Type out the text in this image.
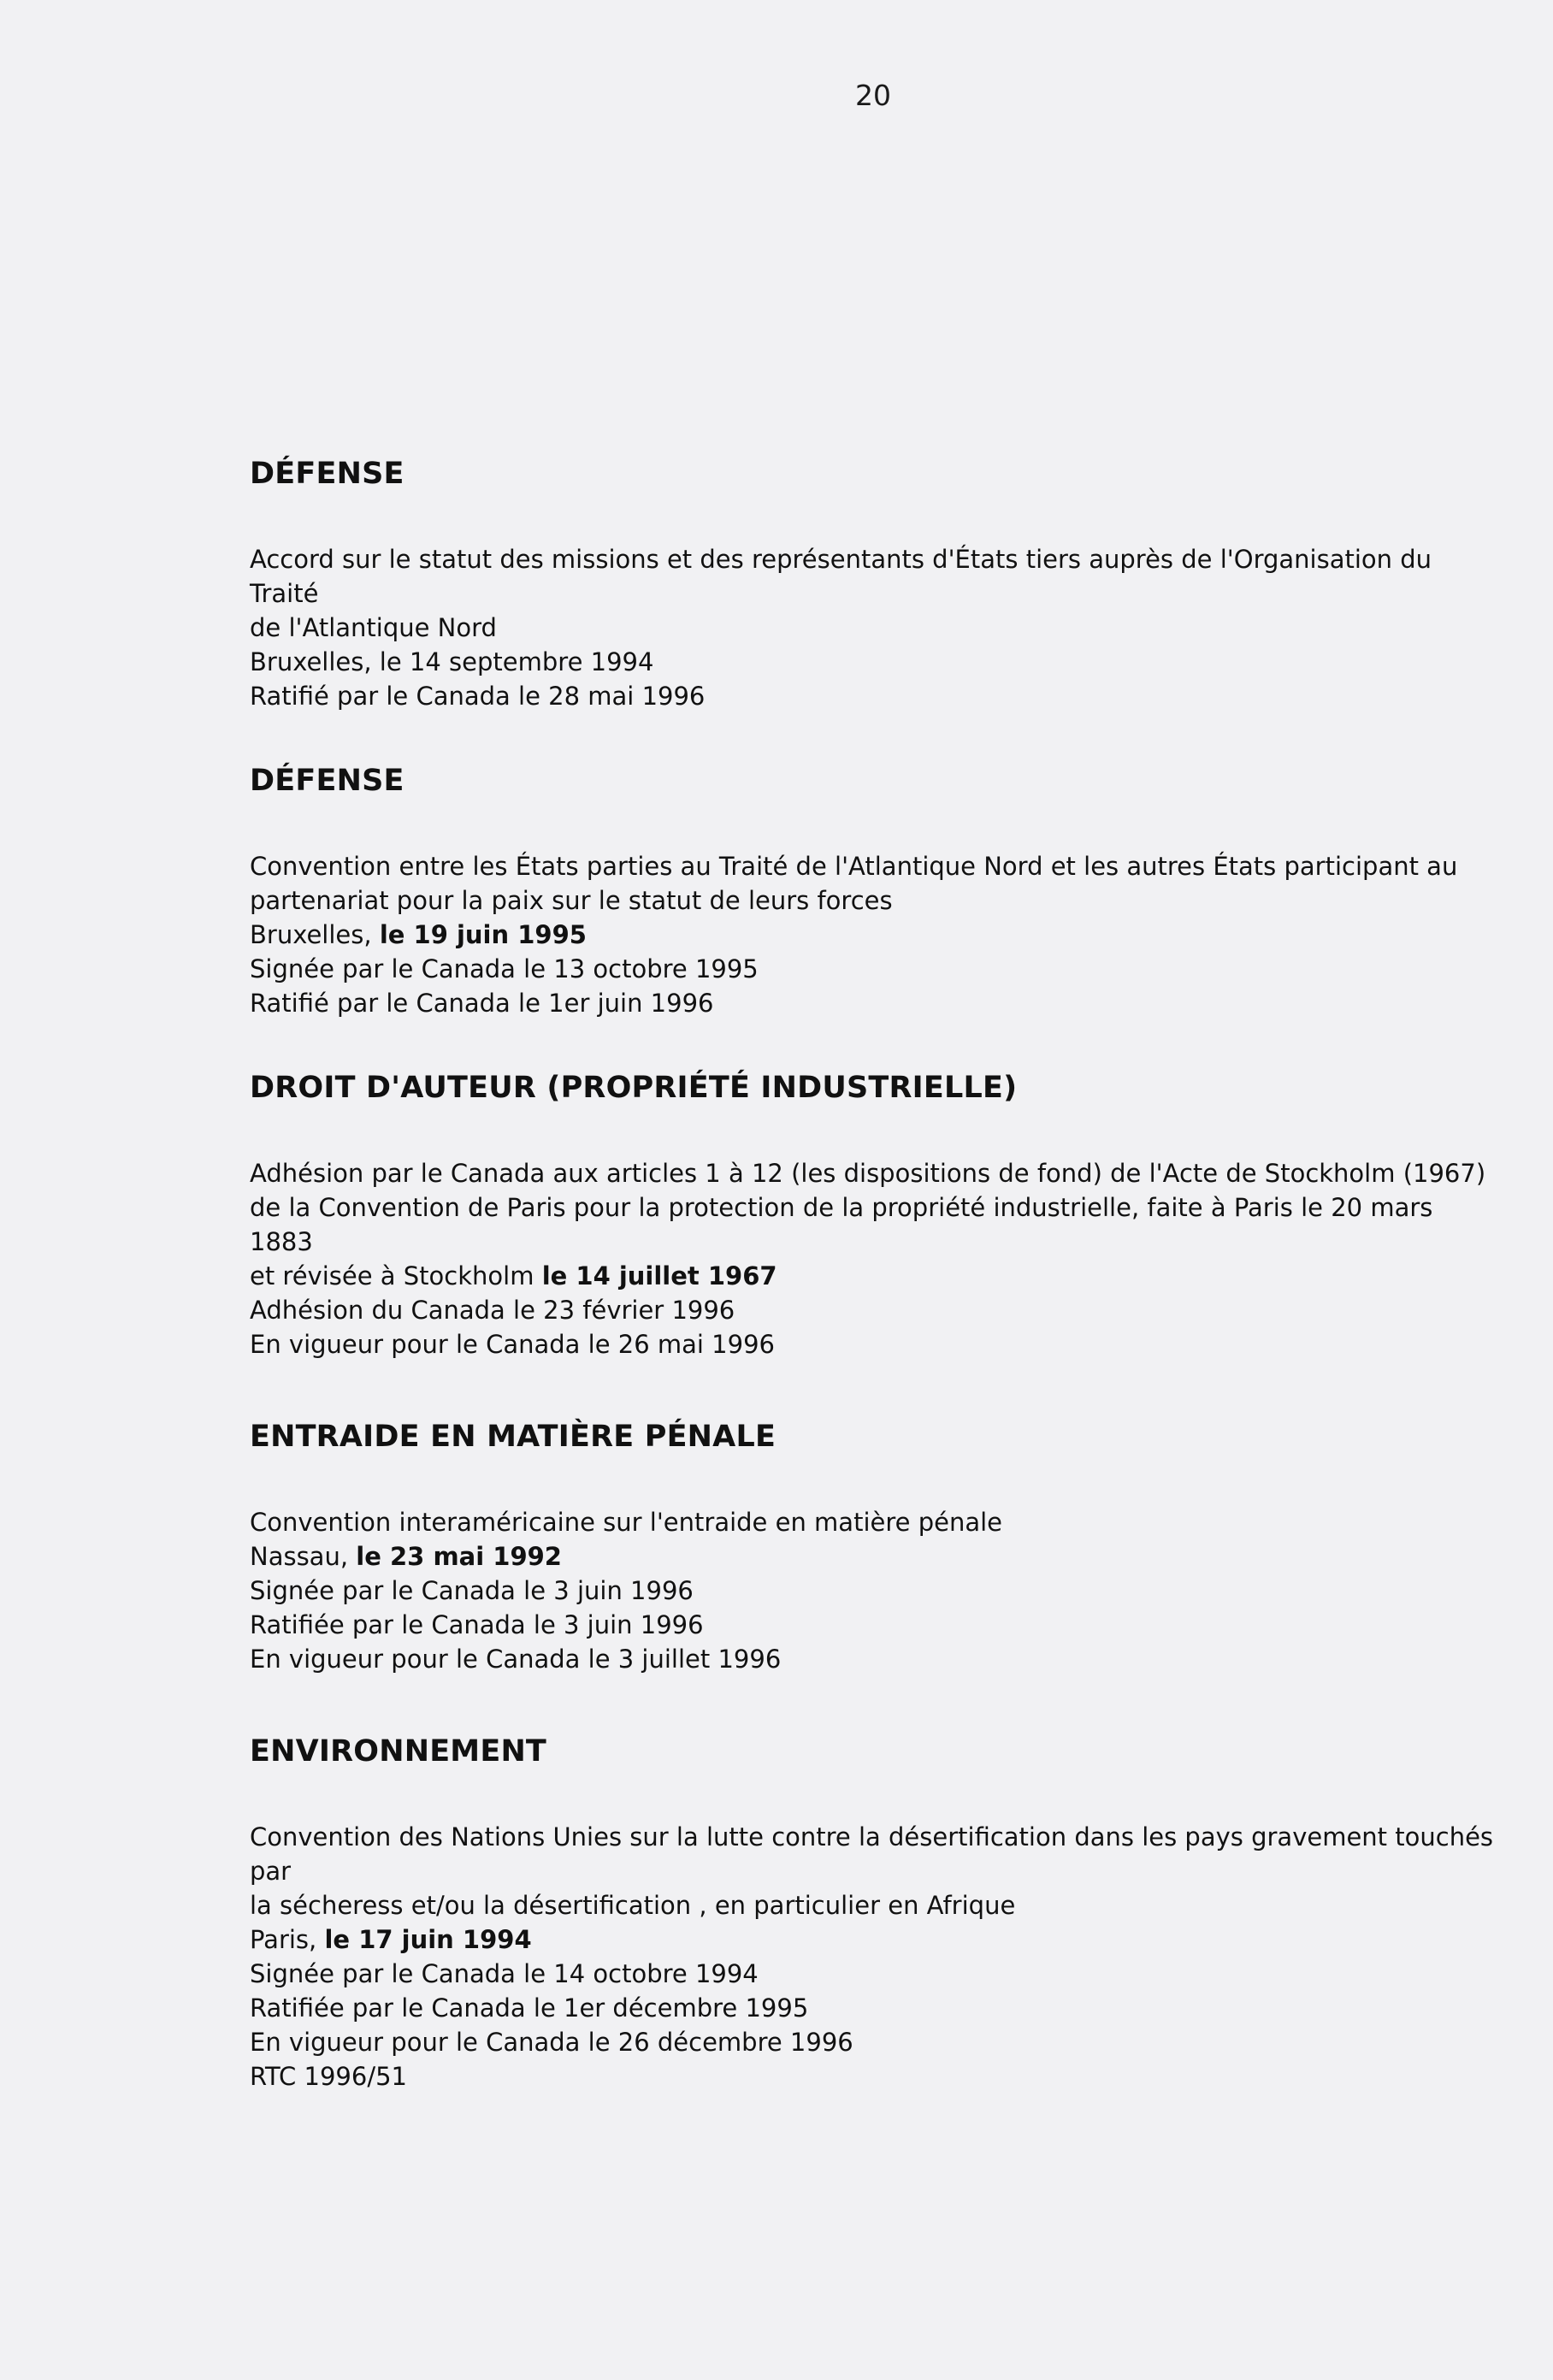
20
DÉFENSE

Accord sur le statut des missions et des représentants d'États tiers auprès de l'Organisation du Traité

de l'Atlantique Nord

Bruxelles, le 14 septembre 1994

Ratifié par le Canada le 28 mai 1996

DÉFENSE

Convention entre les États parties au Traité de l'Atlantique Nord et les autres États participant au

partenariat pour la paix sur le statut de leurs forces

Bruxelles, le 19 juin 1995

Signée par le Canada le 13 octobre 1995

Ratifié par le Canada le 1er juin 1996

DROIT D'AUTEUR (PROPRIÉTÉ INDUSTRIELLE)

Adhésion par le Canada aux articles 1 à 12 (les dispositions de fond) de l'Acte de Stockholm (1967)

de la Convention de Paris pour la protection de la propriété industrielle, faite à Paris le 20 mars 1883

et révisée à Stockholm le 14 juillet 1967

Adhésion du Canada le 23 février 1996

En vigueur pour le Canada le 26 mai 1996

ENTRAIDE EN MATIÈRE PÉNALE

Convention interaméricaine sur l'entraide en matière pénale

Nassau, le 23 mai 1992

Signée par le Canada le 3 juin 1996

Ratifiée par le Canada le 3 juin 1996

En vigueur pour le Canada le 3 juillet 1996

ENVIRONNEMENT

Convention des Nations Unies sur la lutte contre la désertification dans les pays gravement touchés par

la sécheress et/ou la désertification , en particulier en Afrique

Paris, le 17 juin 1994

Signée par le Canada le 14 octobre 1994

Ratifiée par le Canada le 1er décembre 1995

En vigueur pour le Canada le 26 décembre 1996

RTC 1996/51
